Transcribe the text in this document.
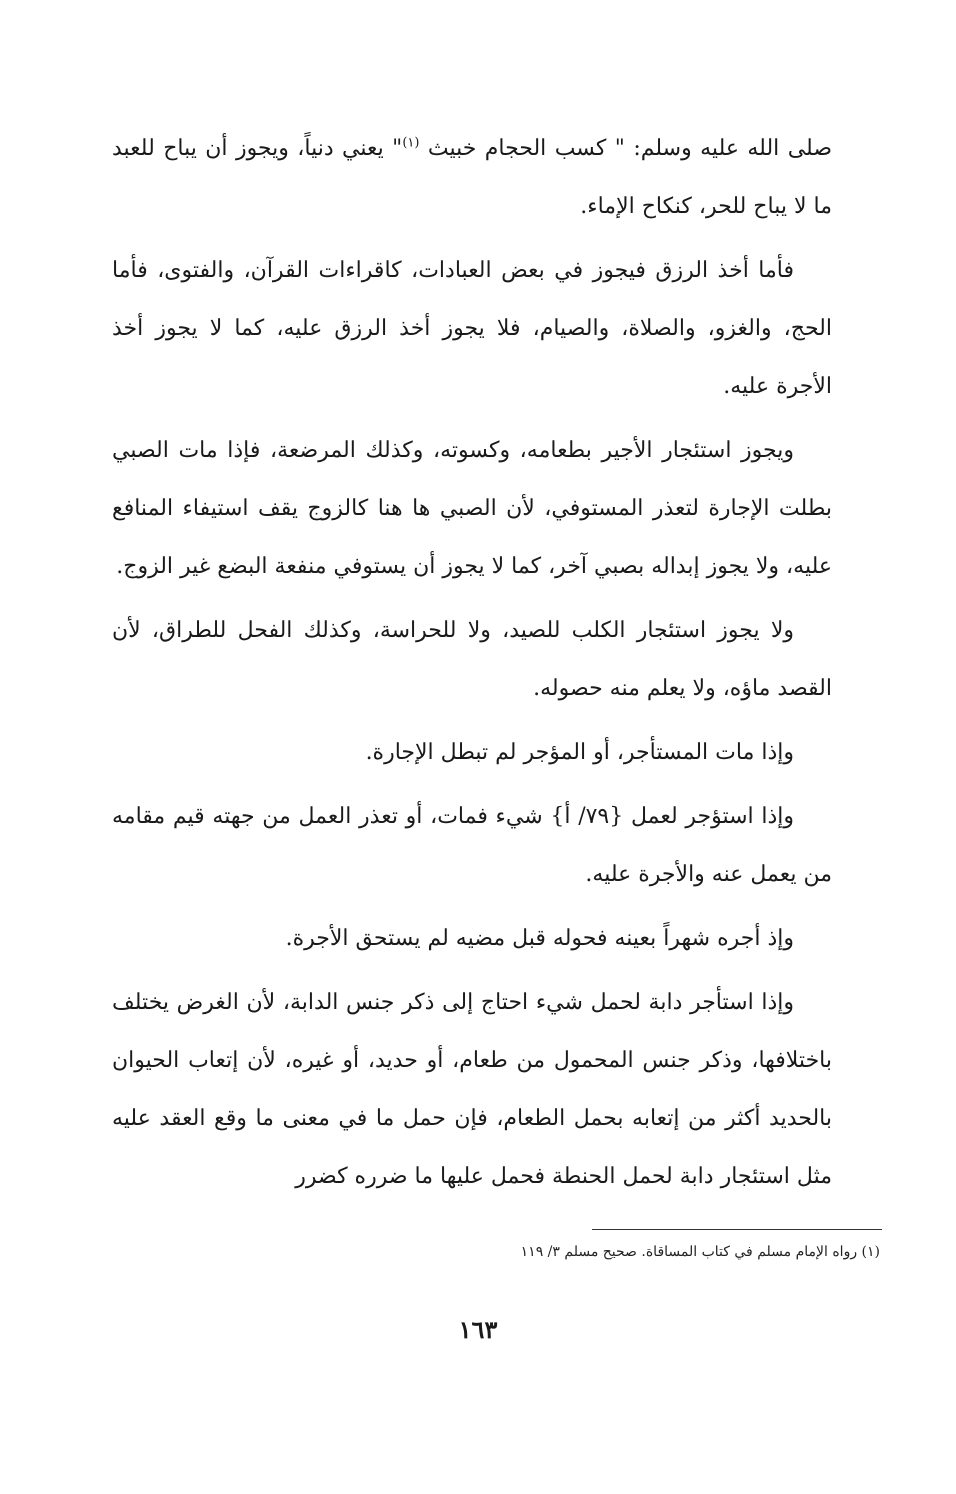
صلى الله عليه وسلم: " كسب الحجام خبيث $^{(١)}$" يعني دنياً، ويجوز أن يباح للعبد ما لا يباح للحر، كنكاح الإماء.

فأما أخذ الرزق فيجوز في بعض العبادات، كاقراءات القرآن، والفتوى، فأما الحج، والغزو، والصلاة، والصيام، فلا يجوز أخذ الرزق عليه، كما لا يجوز أخذ الأجرة عليه.

ويجوز استئجار الأجير بطعامه، وكسوته، وكذلك المرضعة، فإذا مات الصبي بطلت الإجارة لتعذر المستوفي، لأن الصبي ها هنا كالزوج يقف استيفاء المنافع عليه، ولا يجوز إبداله بصبي آخر، كما لا يجوز أن يستوفي منفعة البضع غير الزوج.

ولا يجوز استئجار الكلب للصيد، ولا للحراسة، وكذلك الفحل للطراق، لأن القصد ماؤه، ولا يعلم منه حصوله.

وإذا مات المستأجر، أو المؤجر لم تبطل الإجارة.

وإذا استؤجر لعمل {٧٩/ أ} شيء فمات، أو تعذر العمل من جهته قيم مقامه من يعمل عنه والأجرة عليه.

وإذ أجره شهراً بعينه فحوله قبل مضيه لم يستحق الأجرة.

وإذا استأجر دابة لحمل شيء احتاج إلى ذكر جنس الدابة، لأن الغرض يختلف باختلافها، وذكر جنس المحمول من طعام، أو حديد، أو غيره، لأن إتعاب الحيوان بالحديد أكثر من إتعابه بحمل الطعام، فإن حمل ما في معنى ما وقع العقد عليه مثل استئجار دابة لحمل الحنطة فحمل عليها ما ضرره كضرر

(١) رواه الإمام مسلم في كتاب المساقاة. صحيح مسلم ٣/ ١١٩
١٦٣
